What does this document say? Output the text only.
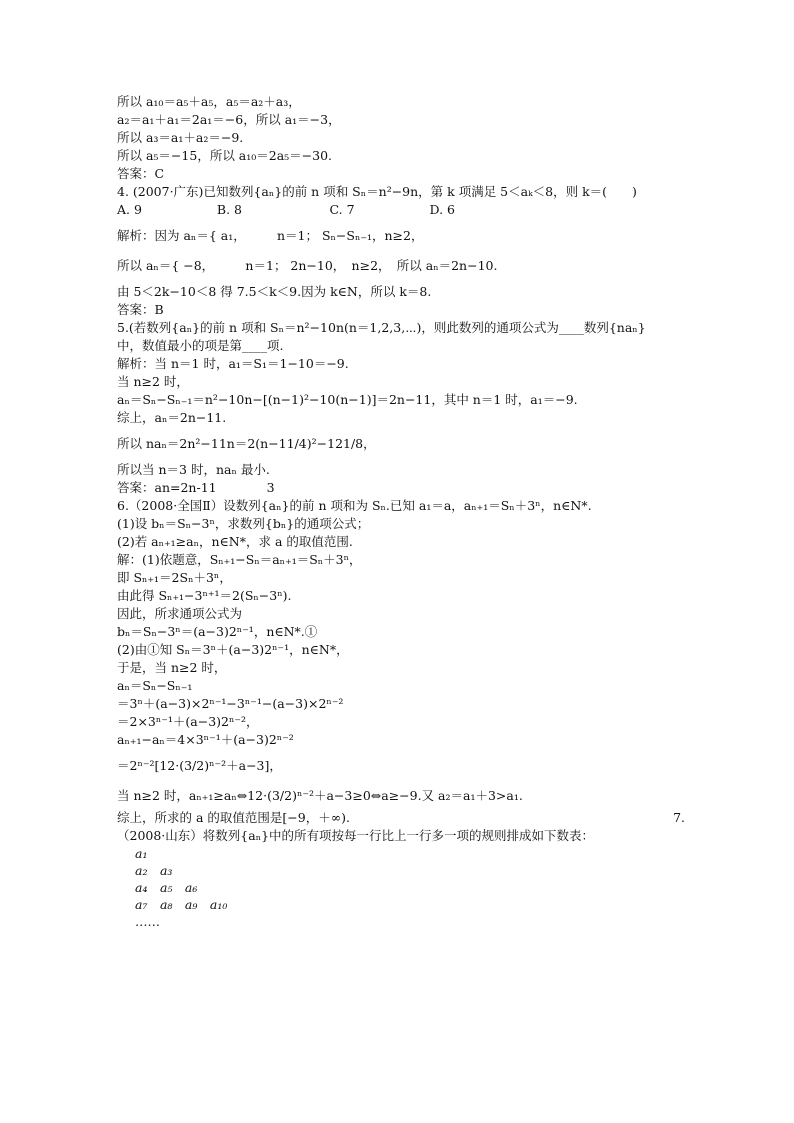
所以 a₁₀＝a₅＋a₅，a₅＝a₂＋a₃，
a₂＝a₁＋a₁＝2a₁＝−6，所以 a₁＝−3，
所以 a₃＝a₁＋a₂＝−9.
所以 a₅＝−15，所以 a₁₀＝2a₅＝−30.
答案：C
4. (2007·广东)已知数列{aₙ}的前 n 项和 Sₙ＝n²−9n，第 k 项满足 5＜aₖ＜8，则 k＝(　　)
A. 9　　　　　　B. 8　　　　　　　C. 7　　　　　　D. 6
解析：因为 aₙ＝{ a₁，　　　n＝1； Sₙ−Sₙ₋₁，n≥2，
所以 aₙ＝{ −8，　　　n＝1； 2n−10，　n≥2，　所以 aₙ＝2n−10.
由 5＜2k−10＜8 得 7.5＜k＜9.因为 k∈N，所以 k＝8.
答案：B
5.(若数列{aₙ}的前 n 项和 Sₙ＝n²−10n(n＝1,2,3,⋯)，则此数列的通项公式为____数列{naₙ}
中，数值最小的项是第____项.
解析：当 n＝1 时，a₁＝S₁＝1−10＝−9.
当 n≥2 时，
aₙ＝Sₙ−Sₙ₋₁＝n²−10n−[(n−1)²−10(n−1)]＝2n−11，其中 n＝1 时，a₁＝−9.
综上，aₙ＝2n−11.
所以 naₙ＝2n²−11n＝2(n−11/4)²−121/8，
所以当 n＝3 时，naₙ 最小.
答案：an=2n-11　　　　3
6.（2008·全国Ⅱ）设数列{aₙ}的前 n 项和为 Sₙ.已知 a₁＝a，aₙ₊₁＝Sₙ＋3ⁿ，n∈N*.
(1)设 bₙ＝Sₙ−3ⁿ，求数列{bₙ}的通项公式；
(2)若 aₙ₊₁≥aₙ，n∈N*，求 a 的取值范围.
解：(1)依题意，Sₙ₊₁−Sₙ＝aₙ₊₁＝Sₙ＋3ⁿ，
即 Sₙ₊₁＝2Sₙ＋3ⁿ，
由此得 Sₙ₊₁−3ⁿ⁺¹＝2(Sₙ−3ⁿ).
因此，所求通项公式为
bₙ＝Sₙ−3ⁿ＝(a−3)2ⁿ⁻¹，n∈N*.①
(2)由①知 Sₙ＝3ⁿ＋(a−3)2ⁿ⁻¹，n∈N*，
于是，当 n≥2 时，
aₙ＝Sₙ−Sₙ₋₁
＝3ⁿ＋(a−3)×2ⁿ⁻¹−3ⁿ⁻¹−(a−3)×2ⁿ⁻²
＝2×3ⁿ⁻¹＋(a−3)2ⁿ⁻²，
aₙ₊₁−aₙ＝4×3ⁿ⁻¹＋(a−3)2ⁿ⁻²
＝2ⁿ⁻²[12·(3/2)ⁿ⁻²＋a−3]，
当 n≥2 时，aₙ₊₁≥aₙ⇔12·(3/2)ⁿ⁻²＋a−3≥0⇔a≥−9.又 a₂＝a₁＋3>a₁.
综上，所求的 a 的取值范围是[−9，＋∞).	7.
（2008·山东）将数列{aₙ}中的所有项按每一行比上一行多一项的规则排成如下数表：
a₁
a₂　a₃
a₄　a₅　a₆
a₇　a₈　a₉　a₁₀
……
